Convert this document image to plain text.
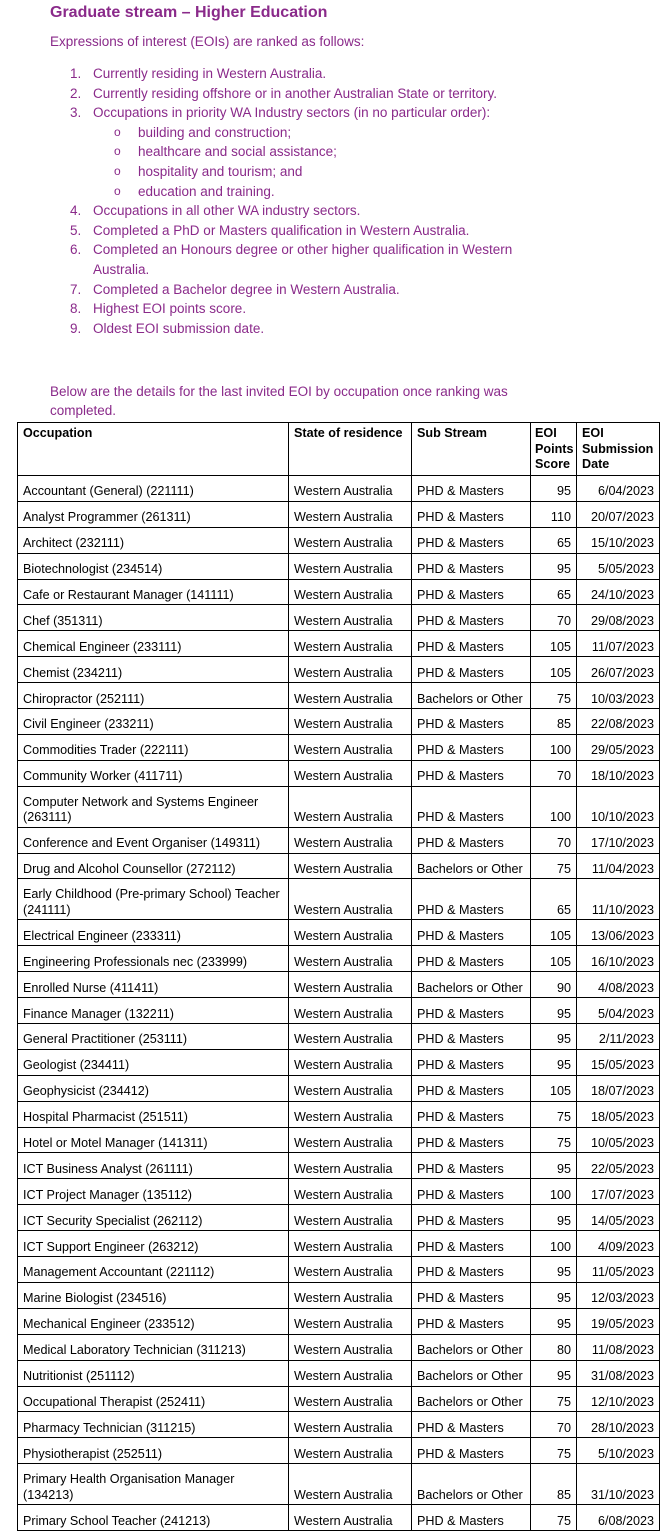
Graduate stream – Higher Education
Expressions of interest (EOIs) are ranked as follows:
1. Currently residing in Western Australia.
2. Currently residing offshore or in another Australian State or territory.
3. Occupations in priority WA Industry sectors (in no particular order):
o building and construction;
o healthcare and social assistance;
o hospitality and tourism; and
o education and training.
4. Occupations in all other WA industry sectors.
5. Completed a PhD or Masters qualification in Western Australia.
6. Completed an Honours degree or other higher qualification in Western Australia.
7. Completed a Bachelor degree in Western Australia.
8. Highest EOI points score.
9. Oldest EOI submission date.
Below are the details for the last invited EOI by occupation once ranking was completed.
Occupation	State of residence	Sub Stream	EOI Points Score	EOI Submission Date
Accountant (General) (221111)	Western Australia	PHD & Masters	95	6/04/2023
Analyst Programmer (261311)	Western Australia	PHD & Masters	110	20/07/2023
Architect (232111)	Western Australia	PHD & Masters	65	15/10/2023
Biotechnologist (234514)	Western Australia	PHD & Masters	95	5/05/2023
Cafe or Restaurant Manager (141111)	Western Australia	PHD & Masters	65	24/10/2023
Chef (351311)	Western Australia	PHD & Masters	70	29/08/2023
Chemical Engineer (233111)	Western Australia	PHD & Masters	105	11/07/2023
Chemist (234211)	Western Australia	PHD & Masters	105	26/07/2023
Chiropractor (252111)	Western Australia	Bachelors or Other	75	10/03/2023
Civil Engineer (233211)	Western Australia	PHD & Masters	85	22/08/2023
Commodities Trader (222111)	Western Australia	PHD & Masters	100	29/05/2023
Community Worker (411711)	Western Australia	PHD & Masters	70	18/10/2023
Computer Network and Systems Engineer (263111)	Western Australia	PHD & Masters	100	10/10/2023
Conference and Event Organiser (149311)	Western Australia	PHD & Masters	70	17/10/2023
Drug and Alcohol Counsellor (272112)	Western Australia	Bachelors or Other	75	11/04/2023
Early Childhood (Pre-primary School) Teacher (241111)	Western Australia	PHD & Masters	65	11/10/2023
Electrical Engineer (233311)	Western Australia	PHD & Masters	105	13/06/2023
Engineering Professionals nec (233999)	Western Australia	PHD & Masters	105	16/10/2023
Enrolled Nurse (411411)	Western Australia	Bachelors or Other	90	4/08/2023
Finance Manager (132211)	Western Australia	PHD & Masters	95	5/04/2023
General Practitioner (253111)	Western Australia	PHD & Masters	95	2/11/2023
Geologist (234411)	Western Australia	PHD & Masters	95	15/05/2023
Geophysicist (234412)	Western Australia	PHD & Masters	105	18/07/2023
Hospital Pharmacist (251511)	Western Australia	PHD & Masters	75	18/05/2023
Hotel or Motel Manager (141311)	Western Australia	PHD & Masters	75	10/05/2023
ICT Business Analyst (261111)	Western Australia	PHD & Masters	95	22/05/2023
ICT Project Manager (135112)	Western Australia	PHD & Masters	100	17/07/2023
ICT Security Specialist (262112)	Western Australia	PHD & Masters	95	14/05/2023
ICT Support Engineer (263212)	Western Australia	PHD & Masters	100	4/09/2023
Management Accountant (221112)	Western Australia	PHD & Masters	95	11/05/2023
Marine Biologist (234516)	Western Australia	PHD & Masters	95	12/03/2023
Mechanical Engineer (233512)	Western Australia	PHD & Masters	95	19/05/2023
Medical Laboratory Technician (311213)	Western Australia	Bachelors or Other	80	11/08/2023
Nutritionist (251112)	Western Australia	Bachelors or Other	95	31/08/2023
Occupational Therapist (252411)	Western Australia	Bachelors or Other	75	12/10/2023
Pharmacy Technician (311215)	Western Australia	PHD & Masters	70	28/10/2023
Physiotherapist (252511)	Western Australia	PHD & Masters	75	5/10/2023
Primary Health Organisation Manager (134213)	Western Australia	Bachelors or Other	85	31/10/2023
Primary School Teacher (241213)	Western Australia	PHD & Masters	75	6/08/2023
